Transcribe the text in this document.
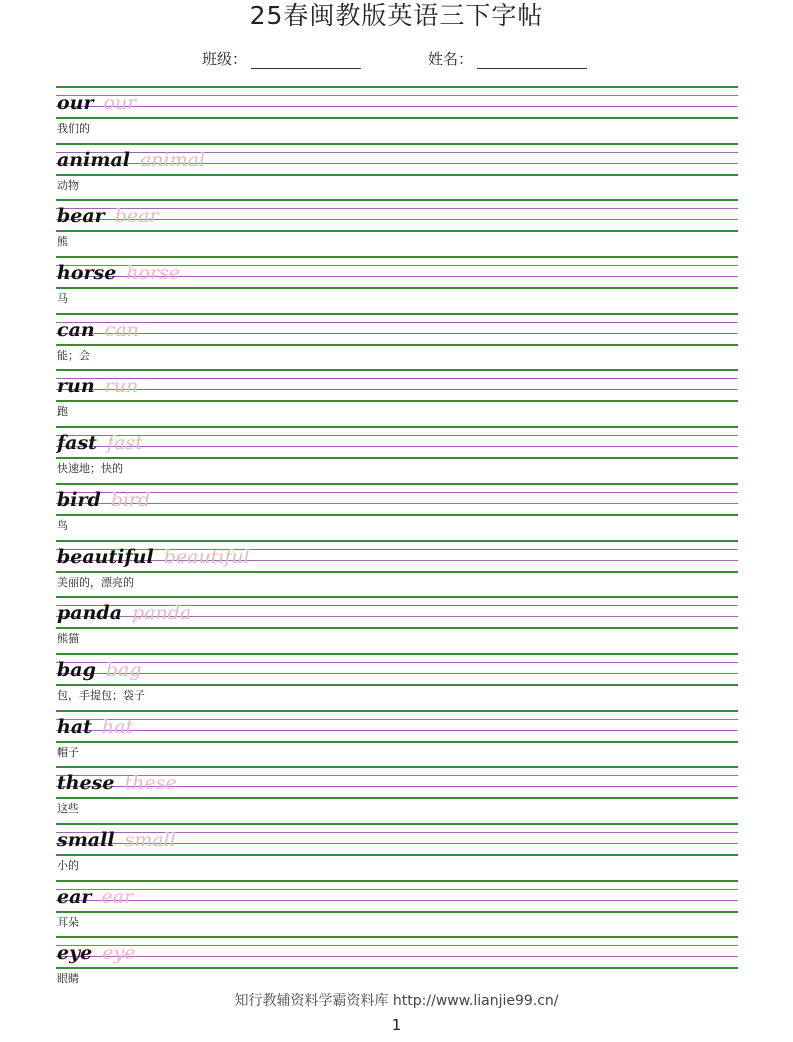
25春闽教版英语三下字帖
班级：	姓名：
our our
我们的
animal animal
动物
bear bear
熊
horse horse
马
can can
能；会
run run
跑
fast fast
快速地；快的
bird bird
鸟
beautiful beautiful
美丽的，漂亮的
panda panda
熊猫
bag bag
包，手提包；袋子
hat hat
帽子
these these
这些
small small
小的
ear ear
耳朵
eye eye
眼睛
知行教辅资料学霸资料库 http://www.lianjie99.cn/
1
